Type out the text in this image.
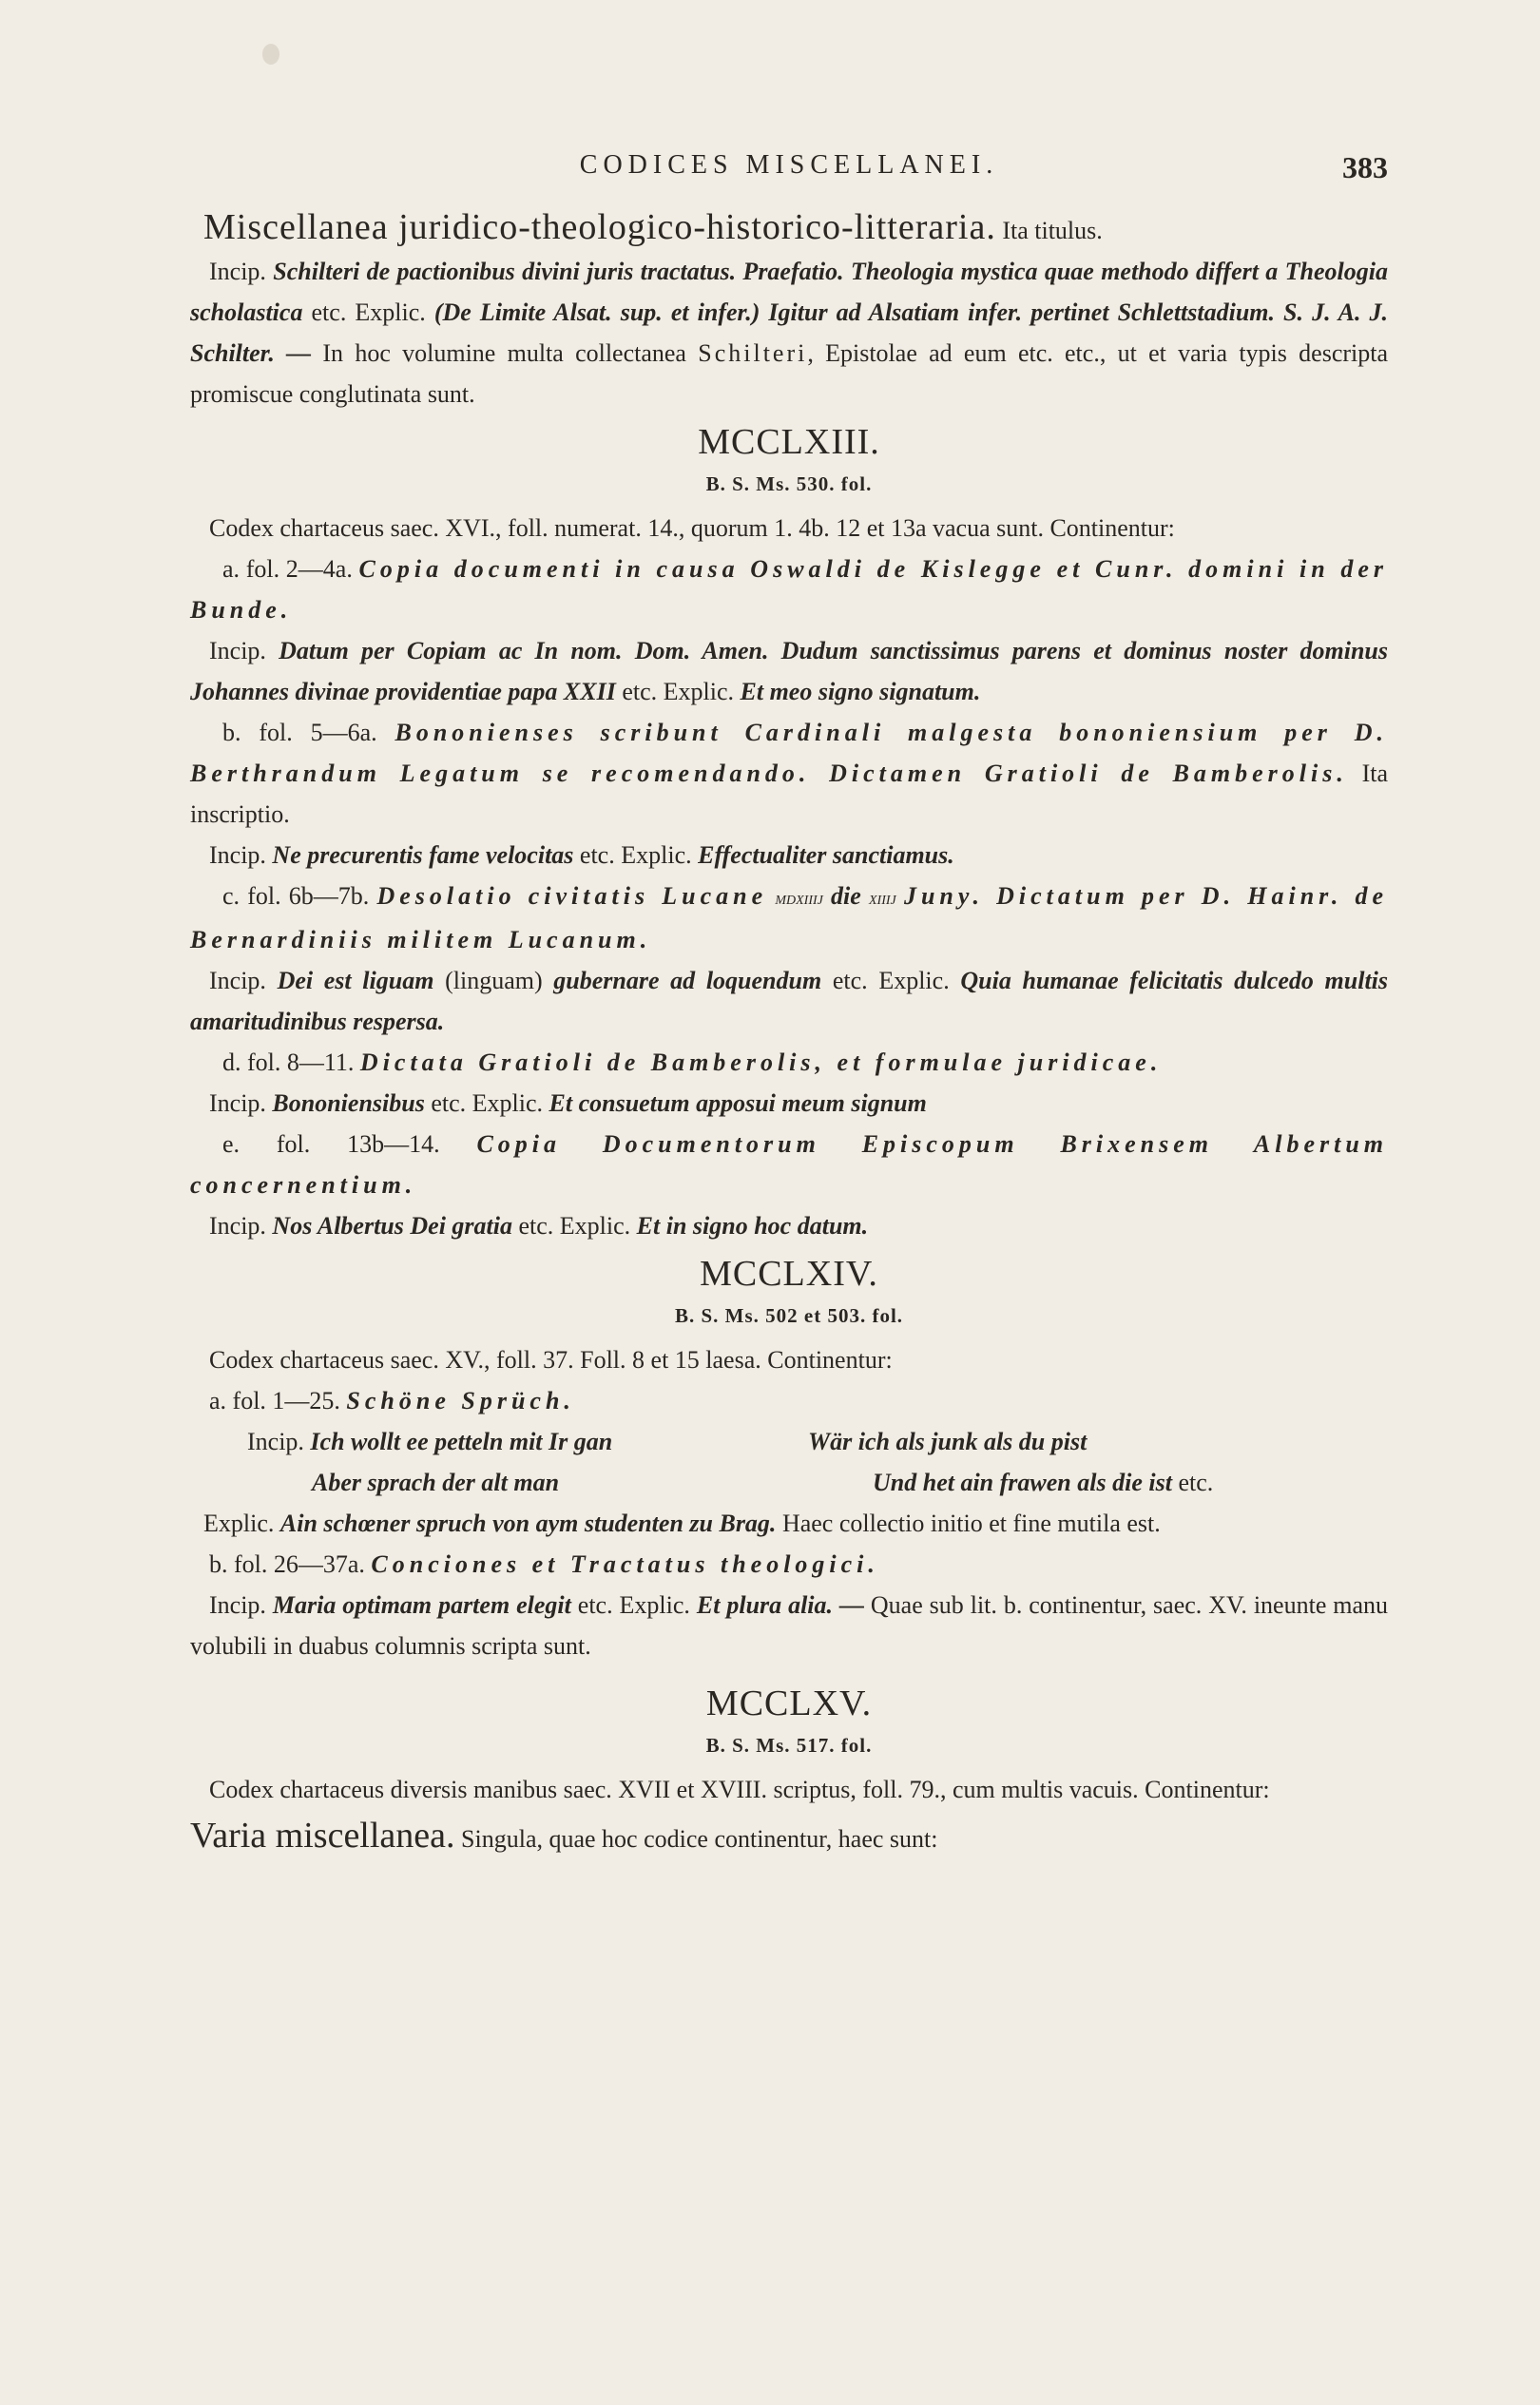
CODICES MISCELLANEI.	383

Miscellanea juridico-theologico-historico-litteraria. Ita titulus.

Incip. Schilteri de pactionibus divini juris tractatus. Praefatio. Theologia mystica quae methodo differt a Theologia scholastica etc. Explic. (De Limite Alsat. sup. et infer.) Igitur ad Alsatiam infer. pertinet Schlettstadium. S. J. A. J. Schilter. — In hoc volumine multa collectanea Schilteri, Epistolae ad eum etc. etc., ut et varia typis descripta promiscue conglutinata sunt.

MCCLXIII.
B. S. Ms. 530. fol.

Codex chartaceus saec. XVI., foll. numerat. 14., quorum 1. 4b. 12 et 13a vacua sunt. Continentur:

a. fol. 2—4a. Copia documenti in causa Oswaldi de Kislegge et Cunr. domini in der Bunde.

Incip. Datum per Copiam ac In nom. Dom. Amen. Dudum sanctissimus parens et dominus noster dominus Johannes divinae providentiae papa XXII etc. Explic. Et meo signo signatum.

b. fol. 5—6a. Bononienses scribunt Cardinali malgesta bononiensium per D. Berthrandum Legatum se recomendando. Dictamen Gratioli de Bamberolis. Ita inscriptio.

Incip. Ne precurentis fame velocitas etc. Explic. Effectualiter sanctiamus.

c. fol. 6b—7b. Desolatio civitatis Lucane mdxiiij die xiiij Juny. Dictatum per D. Hainr. de Bernardiniis militem Lucanum.

Incip. Dei est liguam (linguam) gubernare ad loquendum etc. Explic. Quia humanae felicitatis dulcedo multis amaritudinibus respersa.

d. fol. 8—11. Dictata Gratioli de Bamberolis, et formulae juridicae.

Incip. Bononiensibus etc. Explic. Et consuetum apposui meum signum

e. fol. 13b—14. Copia Documentorum Episcopum Brixensem Albertum concernentium.

Incip. Nos Albertus Dei gratia etc. Explic. Et in signo hoc datum.

MCCLXIV.
B. S. Ms. 502 et 503. fol.

Codex chartaceus saec. XV., foll. 37. Foll. 8 et 15 laesa. Continentur:

a. fol. 1—25. Schöne Sprüch.

Incip. Ich wollt ee petteln mit Ir gan	Wär ich als junk als du pist
Aber sprach der alt man	Und het ain frawen als die ist etc.

Explic. Ain schœner spruch von aym studenten zu Brag. Haec collectio initio et fine mutila est.

b. fol. 26—37a. Conciones et Tractatus theologici.

Incip. Maria optimam partem elegit etc. Explic. Et plura alia. — Quae sub lit. b. continentur, saec. XV. ineunte manu volubili in duabus columnis scripta sunt.

MCCLXV.
B. S. Ms. 517. fol.

Codex chartaceus diversis manibus saec. XVII et XVIII. scriptus, foll. 79., cum multis vacuis. Continentur:

Varia miscellanea. Singula, quae hoc codice continentur, haec sunt:
